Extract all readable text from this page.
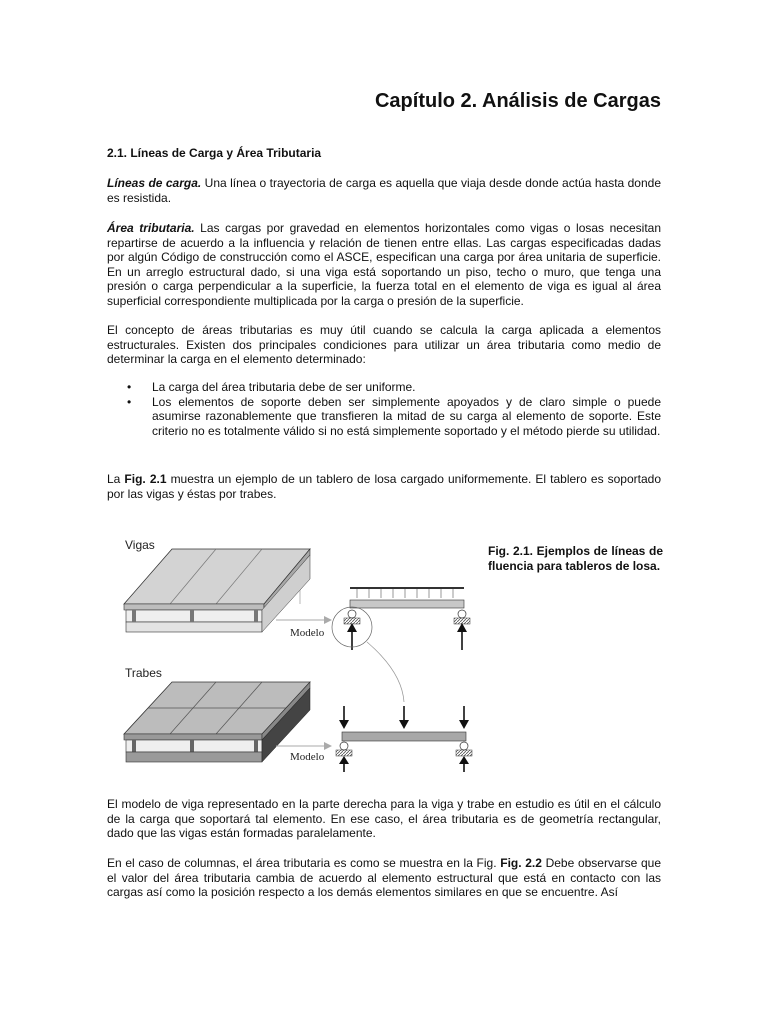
Capítulo 2. Análisis de Cargas
2.1. Líneas de Carga y Área Tributaria

Líneas de carga. Una línea o trayectoria de carga es aquella que viaja desde donde actúa hasta donde es resistida.

Área tributaria. Las cargas por gravedad en elementos horizontales como vigas o losas necesitan repartirse de acuerdo a la influencia y relación de tienen entre ellas. Las cargas especificadas dadas por algún Código de construcción como el ASCE, especifican una carga por área unitaria de superficie. En un arreglo estructural dado, si una viga está soportando un piso, techo o muro, que tenga una presión o carga perpendicular a la superficie, la fuerza total en el elemento de viga es igual al área superficial correspondiente multiplicada por la carga o presión de la superficie.

El concepto de áreas tributarias es muy útil cuando se calcula la carga aplicada a elementos estructurales. Existen dos principales condiciones para utilizar un área tributaria como medio de determinar la carga en el elemento determinado:

• La carga del área tributaria debe de ser uniforme.
• Los elementos de soporte deben ser simplemente apoyados y de claro simple o puede asumirse razonablemente que transfieren la mitad de su carga al elemento de soporte. Este criterio no es totalmente válido si no está simplemente soportado y el método pierde su utilidad.

La Fig. 2.1 muestra un ejemplo de un tablero de losa cargado uniformemente. El tablero es soportado por las vigas y éstas por trabes.

Vigas
Modelo
Trabes
Modelo

Fig. 2.1. Ejemplos de líneas de fluencia para tableros de losa.

El modelo de viga representado en la parte derecha para la viga y trabe en estudio es útil en el cálculo de la carga que soportará tal elemento. En ese caso, el área tributaria es de geometría rectangular, dado que las vigas están formadas paralelamente.

En el caso de columnas, el área tributaria es como se muestra en la Fig. Fig. 2.2 Debe observarse que el valor del área tributaria cambia de acuerdo al elemento estructural que está en contacto con las cargas así como la posición respecto a los demás elementos similares en que se encuentre. Así
